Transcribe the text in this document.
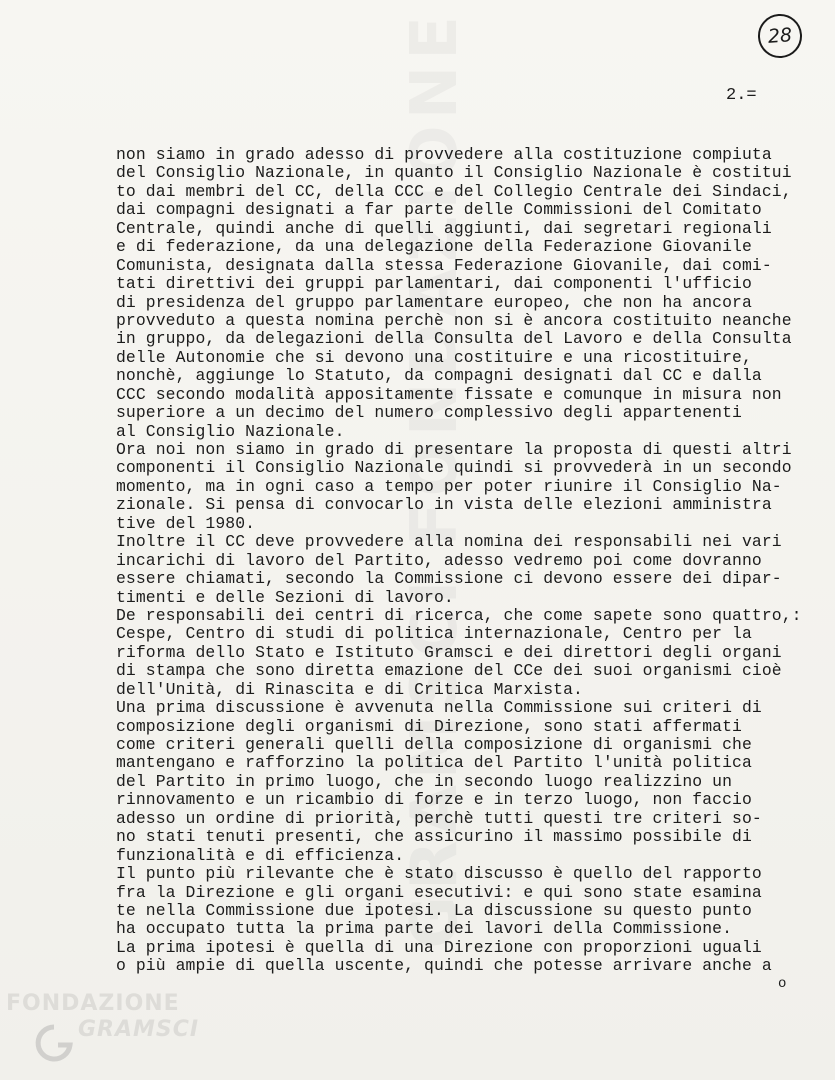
GRAMSCI FONDAZIONE	28
2.=
non siamo in grado adesso di provvedere alla costituzione compiuta
del Consiglio Nazionale, in quanto il Consiglio Nazionale è costitui
to dai membri del CC, della CCC e del Collegio Centrale dei Sindaci,
dai compagni designati a far parte delle Commissioni del Comitato
Centrale, quindi anche di quelli aggiunti, dai segretari regionali
e di federazione, da una delegazione della Federazione Giovanile
Comunista, designata dalla stessa Federazione Giovanile, dai comi-
tati direttivi dei gruppi parlamentari, dai componenti l'ufficio
di presidenza del gruppo parlamentare europeo, che non ha ancora
provveduto a questa nomina perchè non si è ancora costituito neanche
in gruppo, da delegazioni della Consulta del Lavoro e della Consulta
delle Autonomie che si devono una costituire e una ricostituire,
nonchè, aggiunge lo Statuto, da compagni designati dal CC e dalla
CCC secondo modalità appositamente fissate e comunque in misura non
superiore a un decimo del numero complessivo degli appartenenti
al Consiglio Nazionale.
Ora noi non siamo in grado di presentare la proposta di questi altri
componenti il Consiglio Nazionale quindi si provvederà in un secondo
momento, ma in ogni caso a tempo per poter riunire il Consiglio Na-
zionale. Si pensa di convocarlo in vista delle elezioni amministra
tive del 1980.
Inoltre il CC deve provvedere alla nomina dei responsabili nei vari
incarichi di lavoro del Partito, adesso vedremo poi come dovranno
essere chiamati, secondo la Commissione ci devono essere dei dipar-
timenti e delle Sezioni di lavoro.
De responsabili dei centri di ricerca, che come sapete sono quattro,:
Cespe, Centro di studi di politica internazionale, Centro per la
riforma dello Stato e Istituto Gramsci e dei direttori degli organi
di stampa che sono diretta emazione del CCe dei suoi organismi cioè
dell'Unità, di Rinascita e di Critica Marxista.
Una prima discussione è avvenuta nella Commissione sui criteri di
composizione degli organismi di Direzione, sono stati affermati
come criteri generali quelli della composizione di organismi che
mantengano e rafforzino la politica del Partito l'unità politica
del Partito in primo luogo, che in secondo luogo realizzino un
rinnovamento e un ricambio di forze e in terzo luogo, non faccio
adesso un ordine di priorità, perchè tutti questi tre criteri so-
no stati tenuti presenti, che assicurino il massimo possibile di
funzionalità e di efficienza.
Il punto più rilevante che è stato discusso è quello del rapporto
fra la Direzione e gli organi esecutivi: e qui sono state esamina
te nella Commissione due ipotesi. La discussione su questo punto
ha occupato tutta la prima parte dei lavori della Commissione.
La prima ipotesi è quella di una Direzione con proporzioni uguali
o più ampie di quella uscente, quindi che potesse arrivare anche a
o
FONDAZIONE
GRAMSCI
